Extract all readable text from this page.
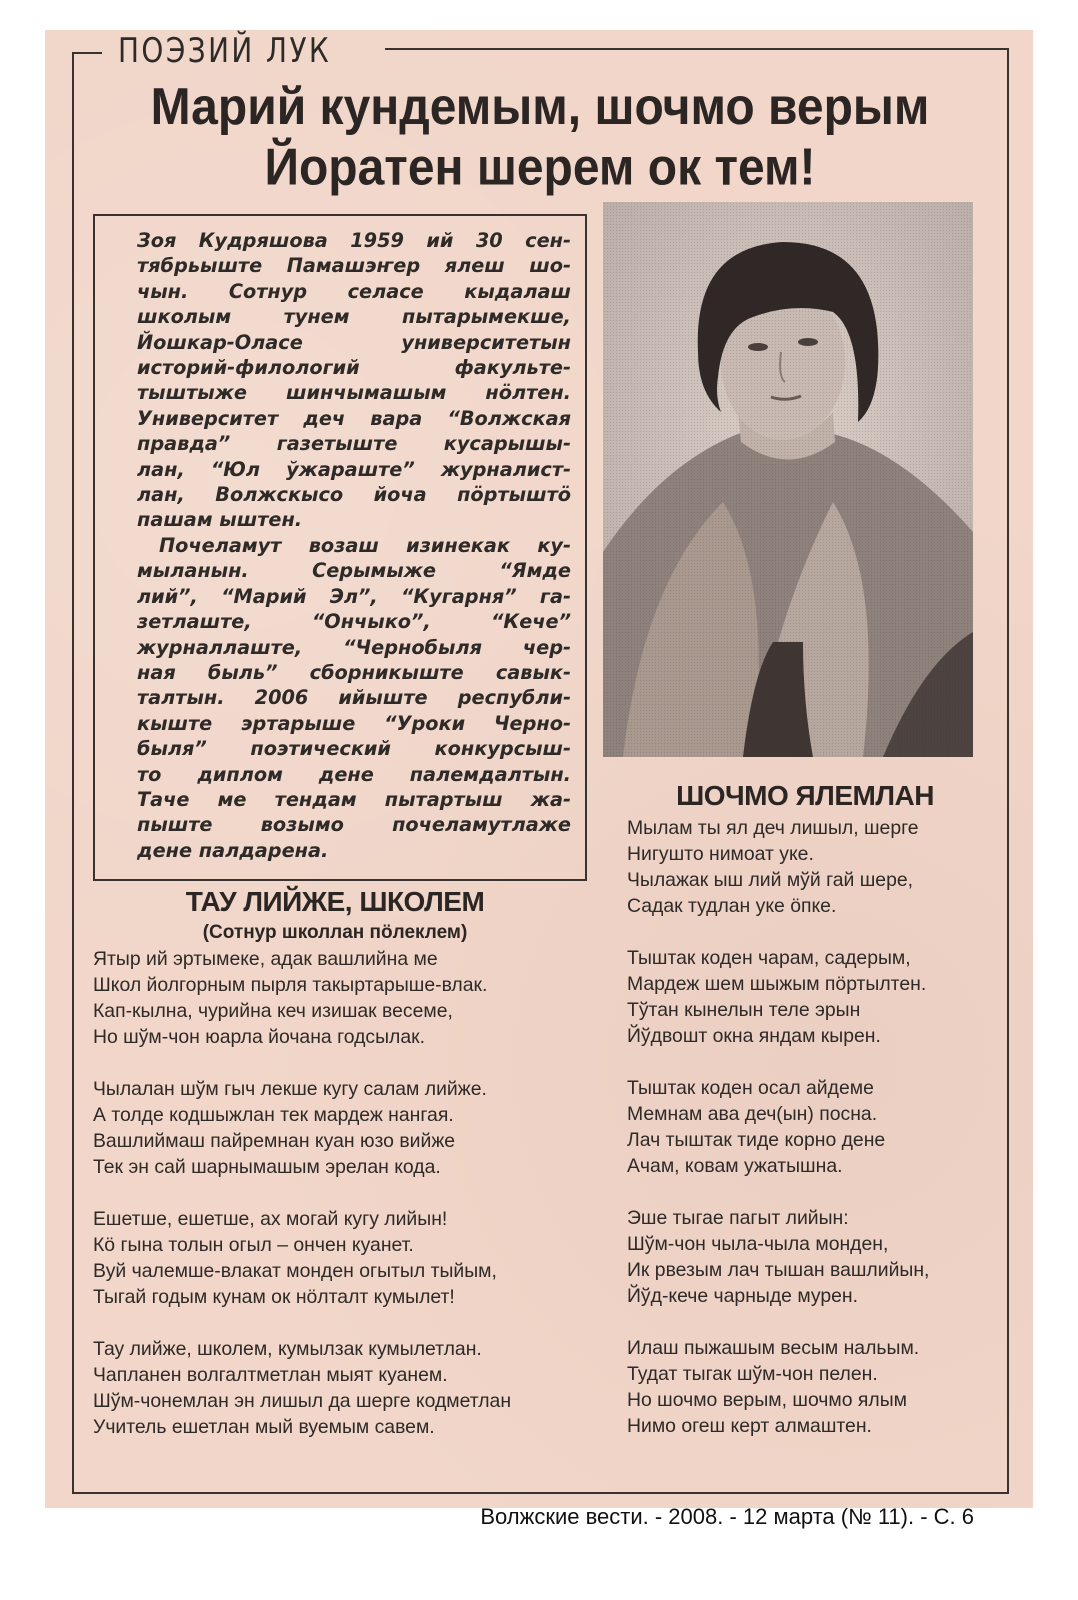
ПОЭЗИЙ ЛУК
Марий кундемым, шочмо верым
Йоратен шерем ок тем!

Зоя Кудряшова 1959 ий 30 сен-
тябрьыште Памашэҥер ялеш шо-
чын. Сотнур селасе кыдалаш
школым тунем пытарымекше,
Йошкар-Оласе университетын
историй-филологий факульте-
тыштыже шинчымашым нӧлтен.
Университет деч вара “Волжская
правда” газетыште кусарышы-
лан, “Юл ўжараште” журналист-
лан, Волжскысо йоча пӧртыштӧ
пашам ыштен.

Почеламут возаш изинекак ку-
мыланын. Серымыже “Ямде
лий”, “Марий Эл”, “Кугарня” га-
зетлаште, “Ончыко”, “Кече”
журналлаште, “Чернобыля чер-
ная быль” сборникыште савык-
талтын. 2006 ийыште республи-
кыште эртарыше “Уроки Черно-
быля” поэтический конкурсыш-
то диплом дене палемдалтын.
Таче ме тендам пытартыш жа-
пыште возымо почеламутлаже
дене палдарена.

ТАУ ЛИЙЖЕ, ШКОЛЕМ
(Сотнур школлан пӧлеклем)
Ятыр ий эртымеке, адак вашлийна ме
Школ йолгорным пырля такыртарыше-влак.
Кап-кылна, чурийна кеч изишак весеме,
Но шўм-чон юарла йочана годсылак.
Чылалан шўм гыч лекше кугу салам лийже.
А толде кодшыжлан тек мардеж нангая.
Вашлиймаш пайремнан куан юзо вийже
Тек эн сай шарнымашым эрелан кода.
Ешетше, ешетше, ах могай кугу лийын!
Кӧ гына толын огыл – ончен куанет.
Вуй чалемше-влакат монден огытыл тыйым,
Тыгай годым кунам ок нӧлталт кумылет!
Тау лийже, школем, кумылзак кумылетлан.
Чапланен волгалтметлан мыят куанем.
Шўм-чонемлан эн лишыл да шерге кодметлан
Учитель ешетлан мый вуемым савем.
ШОЧМО ЯЛЕМЛАН
Мылам ты ял деч лишыл, шерге
Нигушто нимоат уке.
Чылажак ыш лий мўй гай шере,
Садак тудлан уке ӧпке.
Тыштак коден чарам, садерым,
Мардеж шем шыжым пӧртылтен.
Тўтан кынелын теле эрын
Йўдвошт окна яндам кырен.
Тыштак коден осал айдеме
Мемнам ава деч(ын) посна.
Лач тыштак тиде корно дене
Ачам, ковам ужатышна.
Эше тыгае пагыт лийын:
Шўм-чон чыла-чыла монден,
Ик рвезым лач тышан вашлийын,
Йўд-кече чарныде мурен.
Илаш пыжашым весым нальым.
Тудат тыгак шўм-чон пелен.
Но шочмо верым, шочмо ялым
Нимо огеш керт алмаштен.
Волжские вести. - 2008. - 12 марта (№ 11). - С. 6
